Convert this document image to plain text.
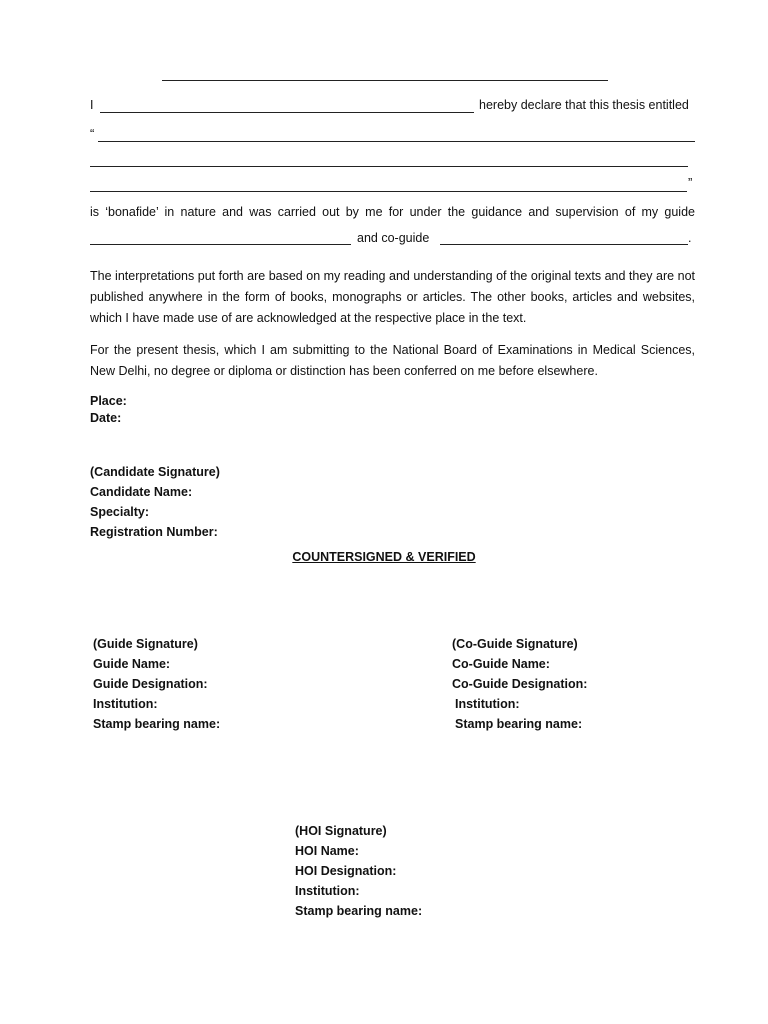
I	hereby declare that this thesis entitled
“
”
is ‘bonafide’ in nature and was carried out by me for under the guidance and supervision of my guide
and co-guide	.
The interpretations put forth are based on my reading and understanding of the original texts and they are not published anywhere in the form of books, monographs or articles. The other books, articles and websites, which I have made use of are acknowledged at the respective place in the text.
For the present thesis, which I am submitting to the National Board of Examinations in Medical Sciences, New Delhi, no degree or diploma or distinction has been conferred on me before elsewhere.
Place:
Date:
(Candidate Signature)
Candidate Name:
Specialty:
Registration Number:
COUNTERSIGNED & VERIFIED
(Guide Signature)
Guide Name:
Guide Designation:
Institution:
Stamp bearing name:
(Co-Guide Signature)
Co-Guide Name:
Co-Guide Designation:
Institution:
Stamp bearing name:
(HOI Signature)
HOI Name:
HOI Designation:
Institution:
Stamp bearing name:
